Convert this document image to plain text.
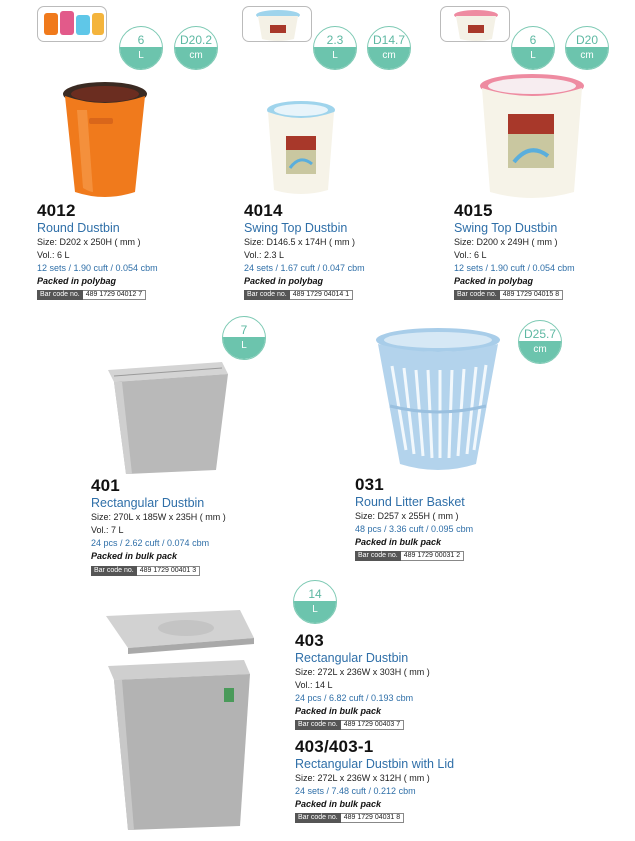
6
L
D20.2
cm
4012
Round Dustbin
Size: D202 x 250H ( mm )
Vol.: 6 L
12 sets / 1.90 cuft / 0.054 cbm
Packed in polybag
Bar code no. 489 1729 04012 7
2.3
L
D14.7
cm
4014
Swing Top Dustbin
Size: D146.5 x 174H ( mm )
Vol.: 2.3 L
24 sets / 1.67 cuft / 0.047 cbm
Packed in polybag
Bar code no. 489 1729 04014 1
6
L
D20
cm
4015
Swing Top Dustbin
Size: D200 x 249H ( mm )
Vol.: 6 L
12 sets / 1.90 cuft / 0.054 cbm
Packed in polybag
Bar code no. 489 1729 04015 8
7
L
401
Rectangular Dustbin
Size: 270L x 185W x 235H ( mm )
Vol.: 7 L
24 pcs / 2.62 cuft / 0.074 cbm
Packed in bulk pack
Bar code no. 489 1729 00401 3
D25.7
cm
031
Round Litter Basket
Size: D257 x 255H ( mm )
48 pcs / 3.36 cuft / 0.095 cbm
Packed in bulk pack
Bar code no. 489 1729 00031 2
14
L
403
Rectangular Dustbin
Size: 272L x 236W x 303H ( mm )
Vol.: 14 L
24 pcs / 6.82 cuft / 0.193 cbm
Packed in bulk pack
Bar code no. 489 1729 00403 7
403/403-1
Rectangular Dustbin with Lid
Size: 272L x 236W x 312H ( mm )
24 sets / 7.48 cuft / 0.212 cbm
Packed in bulk pack
Bar code no. 489 1729 04031 8
